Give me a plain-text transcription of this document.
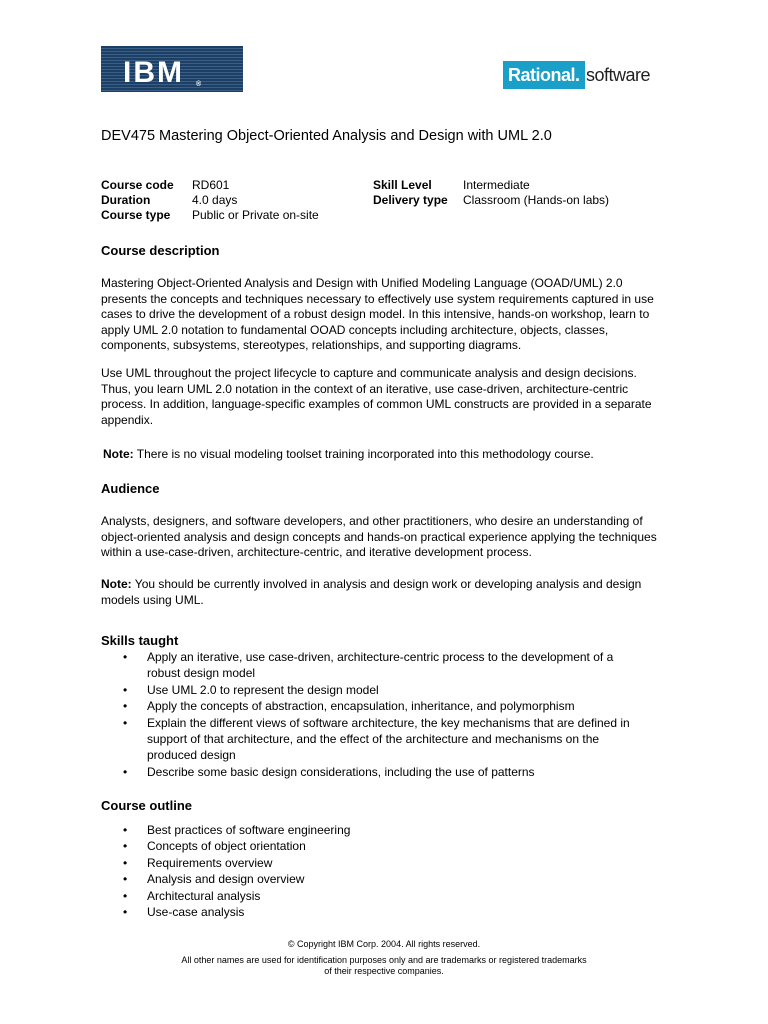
IBM ®	Rational. software
DEV475 Mastering Object-Oriented Analysis and Design with UML 2.0
Course code	RD601
Duration	4.0 days
Course type	Public or Private on-site
Skill Level	Intermediate
Delivery type	Classroom (Hands-on labs)
Course description

Mastering Object-Oriented Analysis and Design with Unified Modeling Language (OOAD/UML) 2.0 presents the concepts and techniques necessary to effectively use system requirements captured in use cases to drive the development of a robust design model. In this intensive, hands-on workshop, learn to apply UML 2.0 notation to fundamental OOAD concepts including architecture, objects, classes, components, subsystems, stereotypes, relationships, and supporting diagrams.

Use UML throughout the project lifecycle to capture and communicate analysis and design decisions. Thus, you learn UML 2.0 notation in the context of an iterative, use case-driven, architecture-centric process. In addition, language-specific examples of common UML constructs are provided in a separate appendix.

Note: There is no visual modeling toolset training incorporated into this methodology course.

Audience

Analysts, designers, and software developers, and other practitioners, who desire an understanding of object-oriented analysis and design concepts and hands-on practical experience applying the techniques within a use-case-driven, architecture-centric, and iterative development process.

Note: You should be currently involved in analysis and design work or developing analysis and design models using UML.

Skills taught
• Apply an iterative, use case-driven, architecture-centric process to the development of a robust design model
• Use UML 2.0 to represent the design model
• Apply the concepts of abstraction, encapsulation, inheritance, and polymorphism
• Explain the different views of software architecture, the key mechanisms that are defined in support of that architecture, and the effect of the architecture and mechanisms on the produced design
• Describe some basic design considerations, including the use of patterns
Course outline
• Best practices of software engineering
• Concepts of object orientation
• Requirements overview
• Analysis and design overview
• Architectural analysis
• Use-case analysis
© Copyright IBM Corp. 2004. All rights reserved.
All other names are used for identification purposes only and are trademarks or registered trademarks
of their respective companies.
